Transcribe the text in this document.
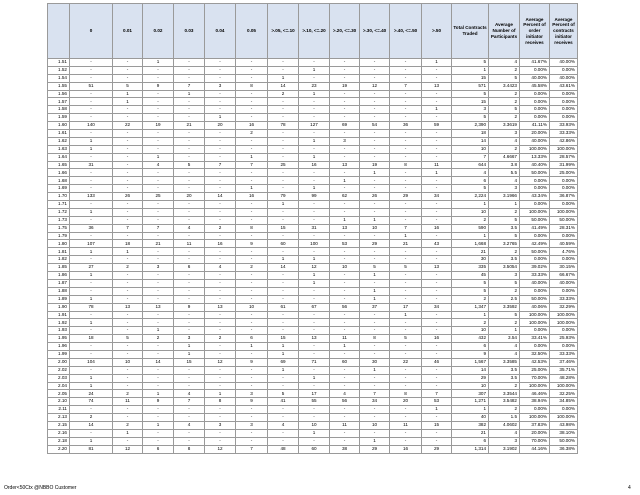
	0	0.01	0.02	0.03	0.04	0.05	>.05, <=.10	>.10, <=.20	>.20, <=.30	>.30, <=.40	>.40, <=.50	>.50	Total Contracts Traded	Average Number of Participants	Average Percent of order initiator receives	Average Percent of contracts initiator receives
1.51	-	-	1	-	-	-	-	-	-	-	-	1	5	4	41.67%	40.00%
1.52	-	-	-	-	-	-	-	1	-	-	-	-	1	2	0.00%	0.00%
1.54	-	-	-	-	-	-	1	-	-	-	-	-	15	5	40.00%	40.00%
1.55	51	5	9	7	3	8	14	23	19	12	7	13	571	3.4423	45.58%	43.61%
1.56	-	1	-	1	-	-	2	1	-	-	-	-	5	2	0.00%	0.00%
1.57	-	1	-	-	-	-	-	-	-	-	-	-	15	2	0.00%	0.00%
1.58	-	-	-	-	-	-	-	-	-	-	-	1	3	5	0.00%	0.00%
1.59	-	-	-	-	1	-	-	-	-	-	-	-	5	2	0.00%	0.00%
1.60	140	22	19	21	20	16	78	127	69	54	36	59	2,390	3.3619	41.11%	33.93%
1.61	-	-	-	-	-	2	-	-	-	-	-	-	18	3	20.00%	33.33%
1.62	1	-	-	-	-	-	-	1	3	-	-	-	14	4	40.00%	42.86%
1.63	1	-	-	-	-	-	-	-	-	-	-	-	10	2	100.00%	100.00%
1.64	-	-	1	-	-	1	-	1	-	-	-	-	7	4.6667	13.33%	28.57%
1.65	31	-	4	5	7	7	25	16	13	19	8	11	644	3.8	40.40%	31.99%
1.66	-	-	-	-	-	-	-	-	-	1	-	1	4	5.5	50.00%	25.00%
1.68	-	-	-	-	-	-	-	-	1	-	-	-	6	4	0.00%	0.00%
1.69	-	-	-	-	-	1	-	1	-	-	-	-	5	3	0.00%	0.00%
1.70	133	26	25	20	14	16	79	99	62	26	29	34	2,224	3.1966	43.34%	36.87%
1.71	-	-	-	-	-	-	1	-	-	-	-	-	1	1	0.00%	0.00%
1.72	1	-	-	-	-	-	-	-	-	-	-	-	10	2	100.00%	100.00%
1.73	-	-	-	-	-	-	-	-	1	1	-	-	2	5	50.00%	50.00%
1.75	36	7	7	4	2	8	15	31	13	10	7	16	590	3.5	41.49%	28.31%
1.79	-	-	-	-	-	-	-	-	-	-	1	-	1	5	0.00%	0.00%
1.80	107	18	21	11	16	9	60	100	53	29	21	43	1,668	3.2765	42.49%	40.59%
1.81	1	1	-	-	-	-	-	-	-	-	-	-	21	2	50.00%	4.76%
1.82	-	-	-	-	-	-	1	1	-	-	-	-	30	3.5	0.00%	0.00%
1.85	27	2	3	6	4	2	14	12	10	5	5	13	335	3.5054	39.02%	30.15%
1.86	1	-	-	-	-	-	-	1	-	1	-	-	45	3	33.33%	66.67%
1.87	-	-	-	-	-	-	-	1	-	-	-	-	5	5	40.00%	40.00%
1.88	-	-	-	-	-	-	-	-	-	1	-	-	5	2	0.00%	0.00%
1.89	1	-	-	-	-	-	-	-	-	1	-	-	2	2.5	50.00%	33.33%
1.90	78	13	13	9	13	10	61	67	56	37	17	34	1,347	3.3592	40.06%	32.29%
1.91	-	-	-	-	-	-	-	-	-	-	1	-	1	5	100.00%	100.00%
1.92	1	-	-	-	-	-	-	-	-	-	-	-	2	2	100.00%	100.00%
1.93	-	-	1	-	-	-	-	-	-	-	-	-	10	1	0.00%	0.00%
1.95	18	5	2	3	2	6	15	13	11	8	5	16	432	3.54	33.41%	25.93%
1.96	-	-	-	1	-	1	1	-	1	-	-	-	6	4	0.00%	0.00%
1.99	-	-	-	1	-	-	1	-	-	-	-	-	9	4	32.50%	33.33%
2.00	104	10	14	15	12	9	69	71	60	30	22	46	1,567	3.3585	42.53%	37.46%
2.02	-	-	-	-	-	-	1	-	-	1	-	-	14	3.5	25.00%	35.71%
2.03	1	-	-	-	-	-	-	1	-	-	-	-	29	3.5	70.00%	48.28%
2.04	1	-	-	-	-	-	-	-	-	-	-	-	10	2	100.00%	100.00%
2.05	24	2	1	4	1	3	5	17	4	7	8	7	307	3.3544	46.46%	32.25%
2.10	74	11	9	7	8	9	41	55	56	34	20	53	1,271	3.5482	38.94%	34.85%
2.11	-	-	-	-	-	-	-	-	-	-	-	1	1	2	0.00%	0.00%
2.13	2	-	-	-	-	-	-	-	-	-	-	-	40	1.5	100.00%	100.00%
2.15	14	2	1	4	3	3	4	10	11	10	11	15	382	4.0602	37.83%	43.98%
2.16	-	1	-	-	-	-	-	1	-	-	-	-	21	4	20.00%	38.10%
2.18	1	-	-	-	-	-	-	-	-	1	-	-	6	3	70.00%	50.00%
2.20	81	12	6	8	12	7	48	60	38	29	16	29	1,314	3.1902	44.16%	36.38%
Order<50Ctx @NBBO Customer	4
